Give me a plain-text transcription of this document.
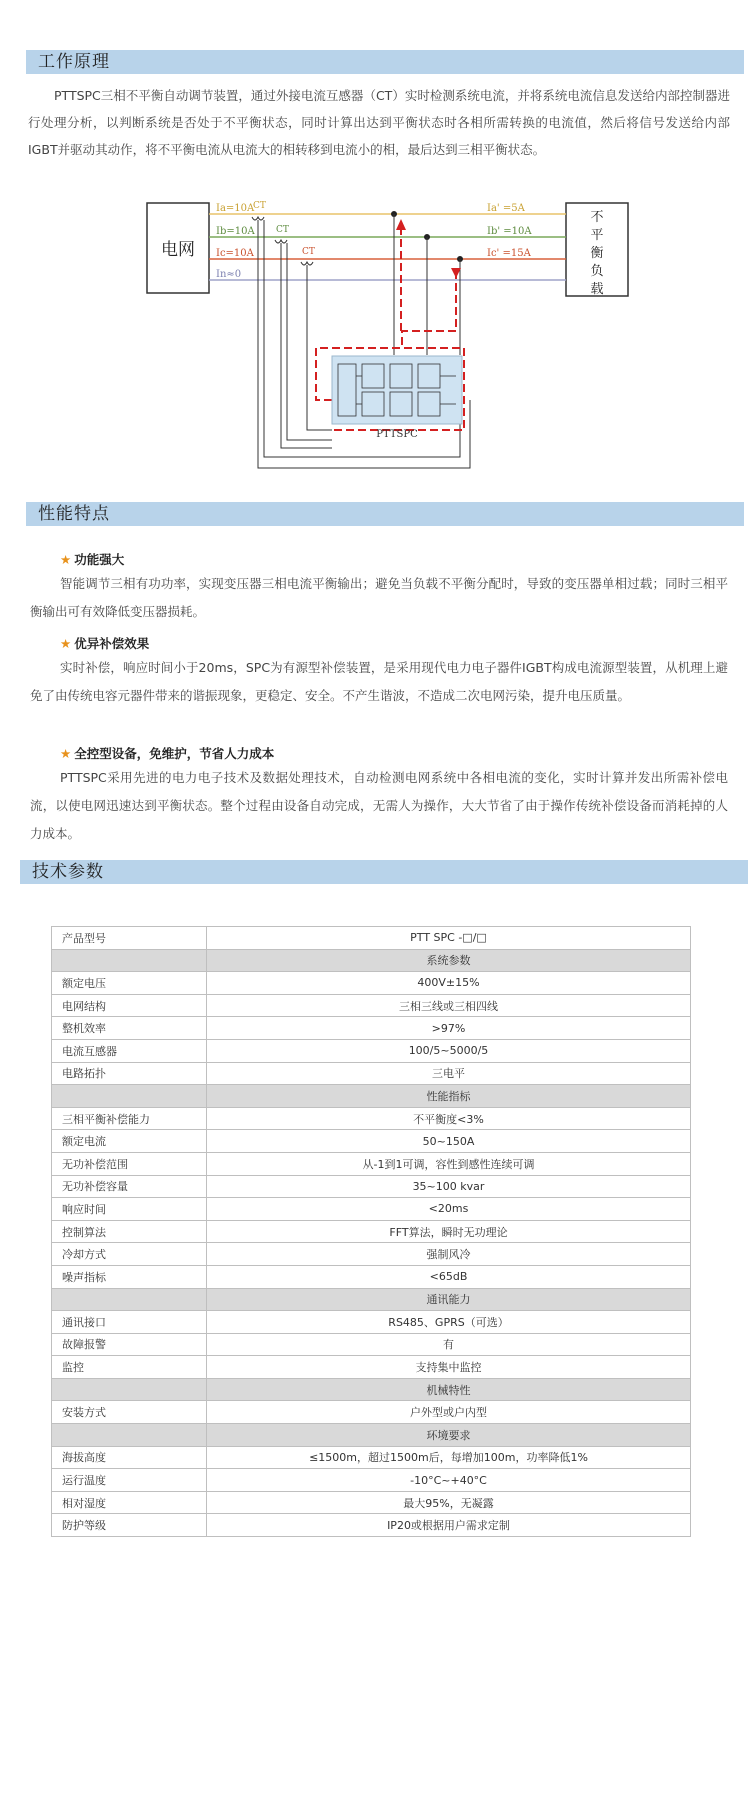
工作原理
PTTSPC三相不平衡自动调节装置，通过外接电流互感器（CT）实时检测系统电流，并将系统电流信息发送给内部控制器进行处理分析，以判断系统是否处于不平衡状态，同时计算出达到平衡状态时各相所需转换的电流值，然后将信号发送给内部IGBT并驱动其动作，将不平衡电流从电流大的相转移到电流小的相，最后达到三相平衡状态。
电网
不
平
衡
负
载
Ia=10A
Ib=10A
Ic=10A
In≈0
Ia' =5A
Ib' =10A
Ic' =15A
CT
CT
CT
PTTSPC
性能特点
★ 功能强大
智能调节三相有功功率，实现变压器三相电流平衡输出；避免当负载不平衡分配时，导致的变压器单相过载；同时三相平衡输出可有效降低变压器损耗。
★ 优异补偿效果
实时补偿，响应时间小于20ms，SPC为有源型补偿装置，是采用现代电力电子器件IGBT构成电流源型装置，从机理上避免了由传统电容元器件带来的谐振现象，更稳定、安全。不产生谐波，不造成二次电网污染，提升电压质量。
★ 全控型设备，免维护，节省人力成本
PTTSPC采用先进的电力电子技术及数据处理技术，自动检测电网系统中各相电流的变化，实时计算并发出所需补偿电流，以使电网迅速达到平衡状态。整个过程由设备自动完成，无需人为操作，大大节省了由于操作传统补偿设备而消耗掉的人力成本。
技术参数
产品型号	PTT SPC -□/□
	系统参数
额定电压	400V±15%
电网结构	三相三线或三相四线
整机效率	>97%
电流互感器	100/5~5000/5
电路拓扑	三电平
	性能指标
三相平衡补偿能力	不平衡度<3%
额定电流	50~150A
无功补偿范围	从-1到1可调，容性到感性连续可调
无功补偿容量	35~100 kvar
响应时间	<20ms
控制算法	FFT算法，瞬时无功理论
冷却方式	强制风冷
噪声指标	<65dB
	通讯能力
通讯接口	RS485、GPRS（可选）
故障报警	有
监控	支持集中监控
	机械特性
安装方式	户外型或户内型
	环境要求
海拔高度	≤1500m，超过1500m后，每增加100m，功率降低1%
运行温度	-10°C~+40°C
相对湿度	最大95%，无凝露
防护等级	IP20或根据用户需求定制
